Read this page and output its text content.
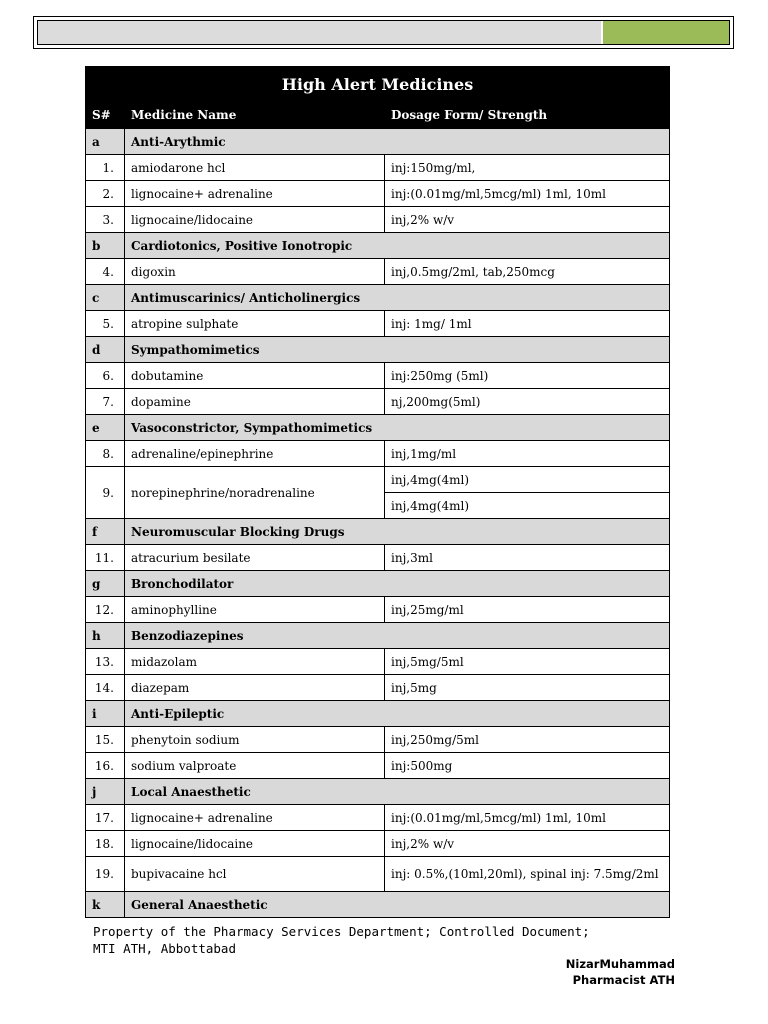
High Alert Medicines		
S#	Medicine Name	Dosage Form/ Strength
a	Anti-Arythmic	
1.	amiodarone hcl	inj:150mg/ml,
2.	lignocaine+ adrenaline	inj:(0.01mg/ml,5mcg/ml) 1ml, 10ml
3.	lignocaine/lidocaine	inj,2% w/v
b	Cardiotonics, Positive Ionotropic	
4.	digoxin	inj,0.5mg/2ml, tab,250mcg
c	Antimuscarinics/ Anticholinergics	
5.	atropine sulphate	inj: 1mg/ 1ml
d	Sympathomimetics	
6.	dobutamine	inj:250mg (5ml)
7.	dopamine	nj,200mg(5ml)
e	Vasoconstrictor, Sympathomimetics	
8.	adrenaline/epinephrine	inj,1mg/ml
9.	norepinephrine/noradrenaline	inj,4mg(4ml)
		inj,4mg(4ml)
f	Neuromuscular Blocking Drugs	
11.	atracurium besilate	inj,3ml
g	Bronchodilator	
12.	aminophylline	inj,25mg/ml
h	Benzodiazepines	
13.	midazolam	inj,5mg/5ml
14.	diazepam	inj,5mg
i	Anti-Epileptic	
15.	phenytoin sodium	inj,250mg/5ml
16.	sodium valproate	inj:500mg
j	Local Anaesthetic	
17.	lignocaine+ adrenaline	inj:(0.01mg/ml,5mcg/ml) 1ml, 10ml
18.	lignocaine/lidocaine	inj,2% w/v
19.	bupivacaine hcl	inj: 0.5%,(10ml,20ml), spinal inj: 7.5mg/2ml
k	General Anaesthetic	
Property of the Pharmacy Services Department; Controlled Document;
MTI ATH, Abbottabad
NizarMuhammad
Pharmacist ATH
